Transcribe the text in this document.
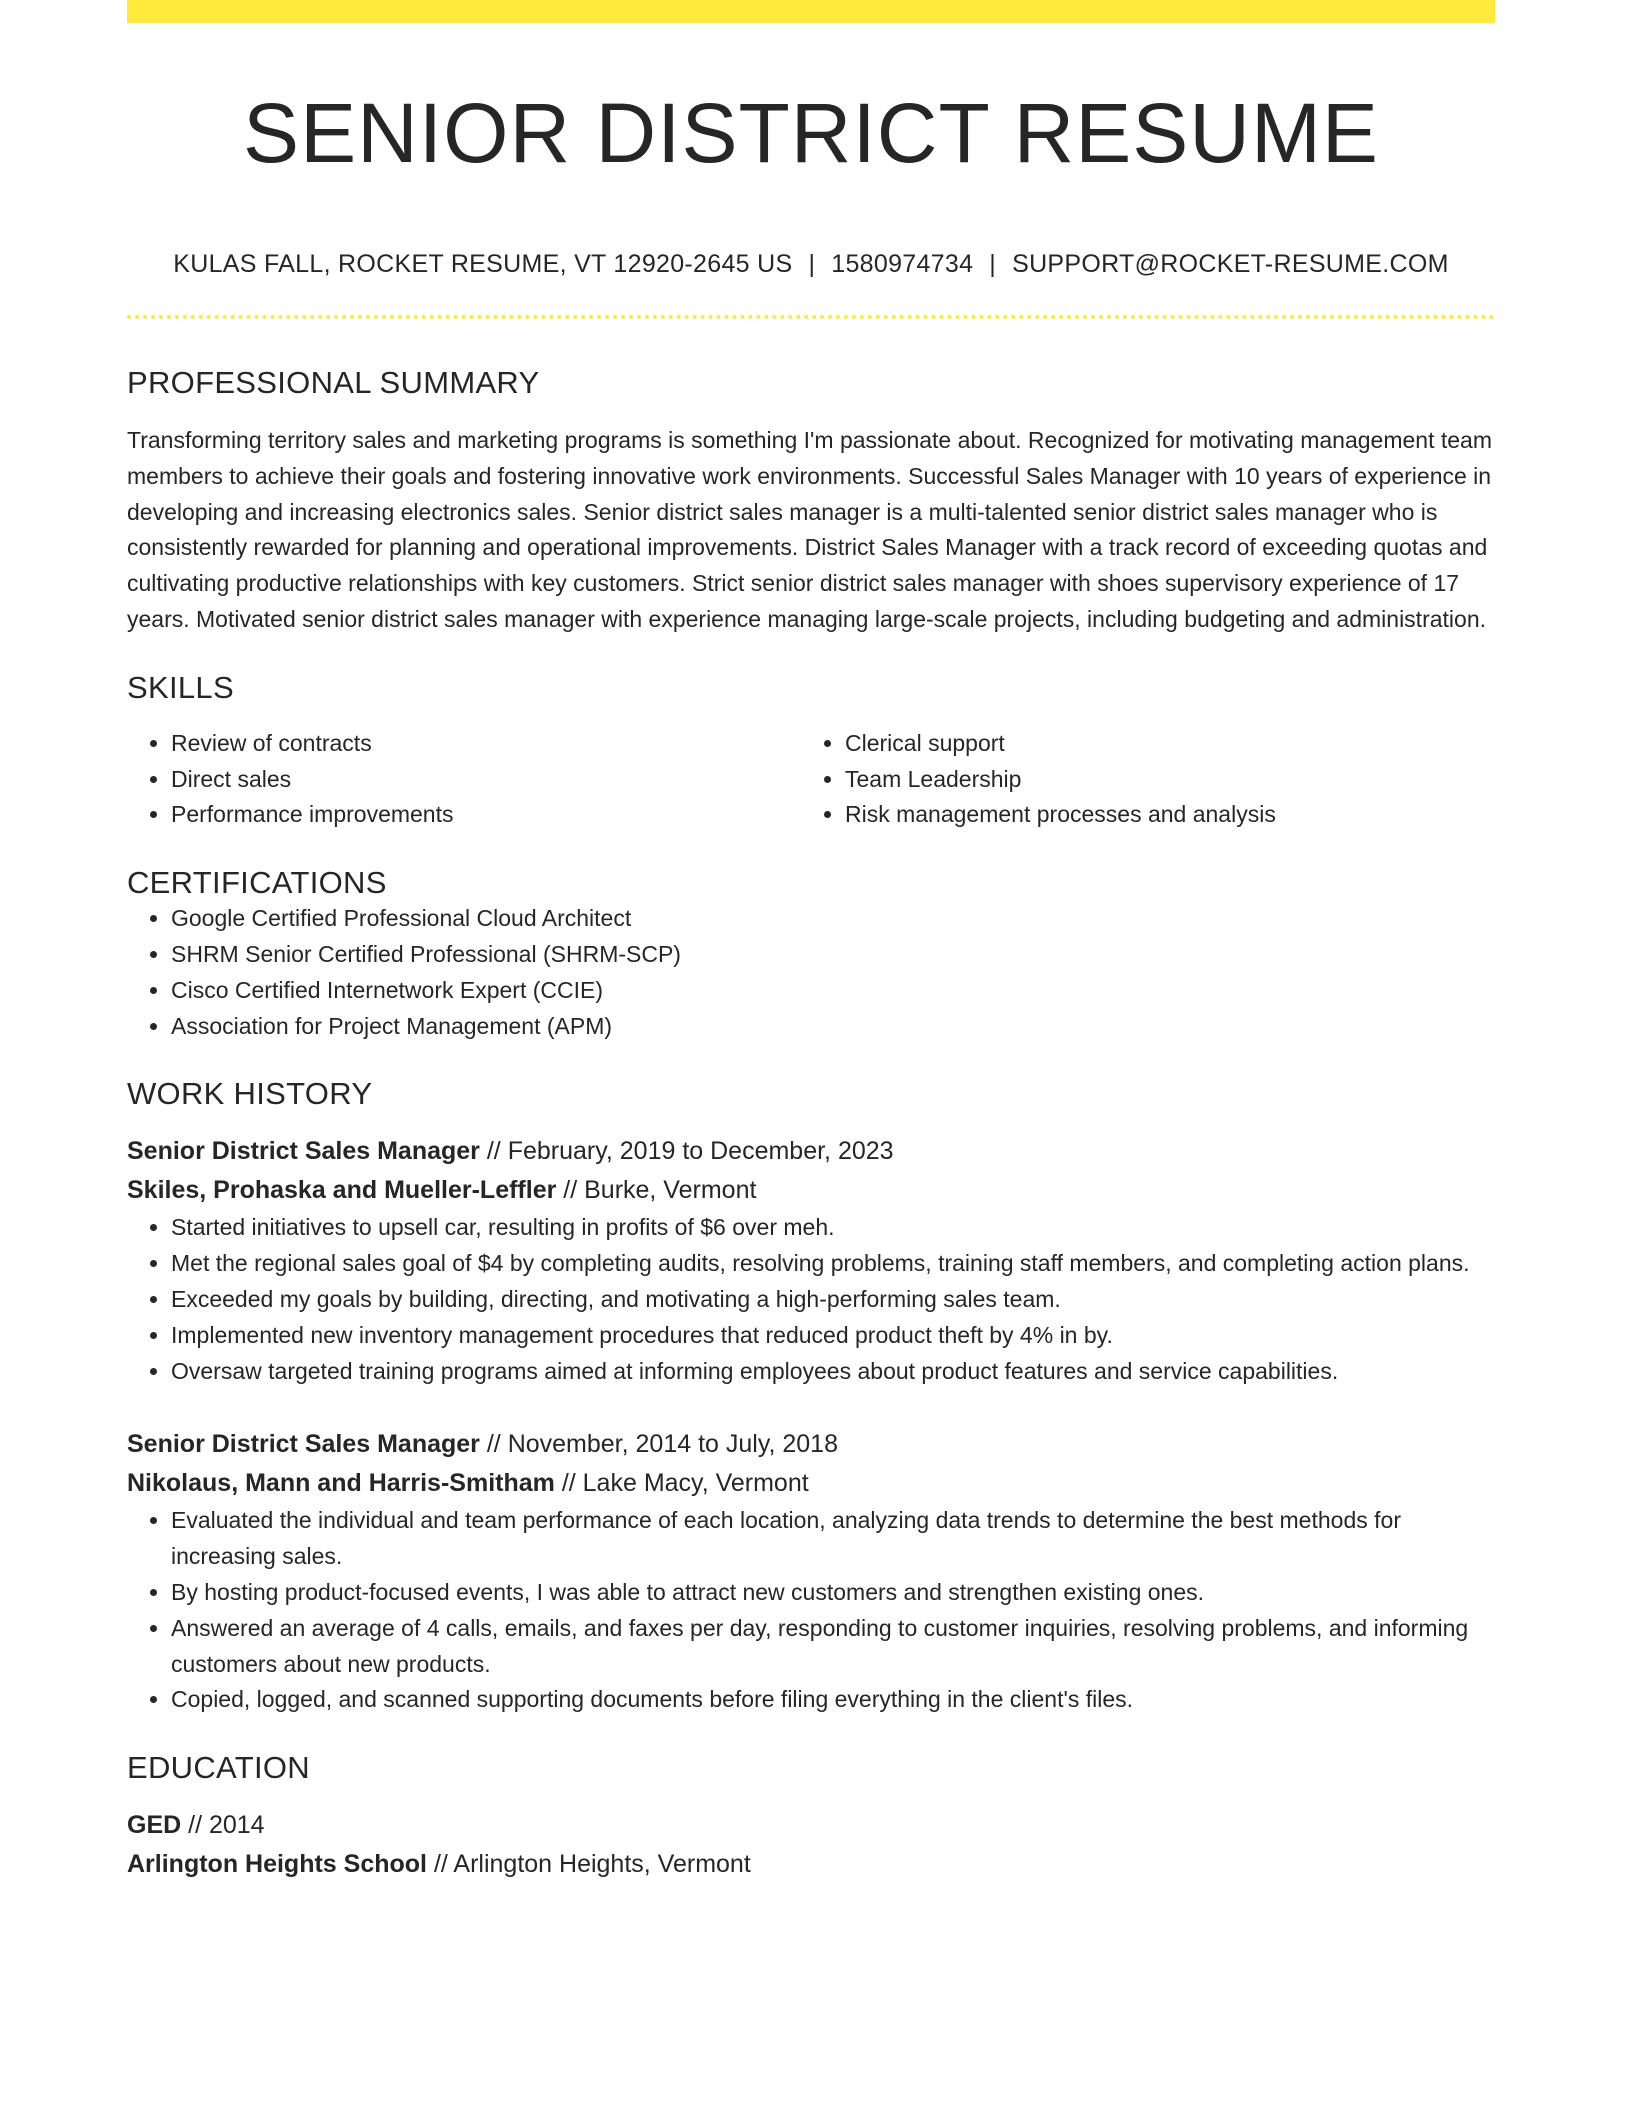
SENIOR DISTRICT RESUME
KULAS FALL, ROCKET RESUME, VT 12920-2645 US | 1580974734 | SUPPORT@ROCKET-RESUME.COM
PROFESSIONAL SUMMARY
Transforming territory sales and marketing programs is something I'm passionate about. Recognized for motivating management team members to achieve their goals and fostering innovative work environments. Successful Sales Manager with 10 years of experience in developing and increasing electronics sales. Senior district sales manager is a multi-talented senior district sales manager who is consistently rewarded for planning and operational improvements. District Sales Manager with a track record of exceeding quotas and cultivating productive relationships with key customers. Strict senior district sales manager with shoes supervisory experience of 17 years. Motivated senior district sales manager with experience managing large-scale projects, including budgeting and administration.
SKILLS
• Review of contracts
• Direct sales
• Performance improvements
• Clerical support
• Team Leadership
• Risk management processes and analysis
CERTIFICATIONS
• Google Certified Professional Cloud Architect
• SHRM Senior Certified Professional (SHRM-SCP)
• Cisco Certified Internetwork Expert (CCIE)
• Association for Project Management (APM)
WORK HISTORY
Senior District Sales Manager // February, 2019 to December, 2023
Skiles, Prohaska and Mueller-Leffler // Burke, Vermont
• Started initiatives to upsell car, resulting in profits of $6 over meh.
• Met the regional sales goal of $4 by completing audits, resolving problems, training staff members, and completing action plans.
• Exceeded my goals by building, directing, and motivating a high-performing sales team.
• Implemented new inventory management procedures that reduced product theft by 4% in by.
• Oversaw targeted training programs aimed at informing employees about product features and service capabilities.
Senior District Sales Manager // November, 2014 to July, 2018
Nikolaus, Mann and Harris-Smitham // Lake Macy, Vermont
• Evaluated the individual and team performance of each location, analyzing data trends to determine the best methods for increasing sales.
• By hosting product-focused events, I was able to attract new customers and strengthen existing ones.
• Answered an average of 4 calls, emails, and faxes per day, responding to customer inquiries, resolving problems, and informing customers about new products.
• Copied, logged, and scanned supporting documents before filing everything in the client's files.
EDUCATION
GED // 2014
Arlington Heights School // Arlington Heights, Vermont
